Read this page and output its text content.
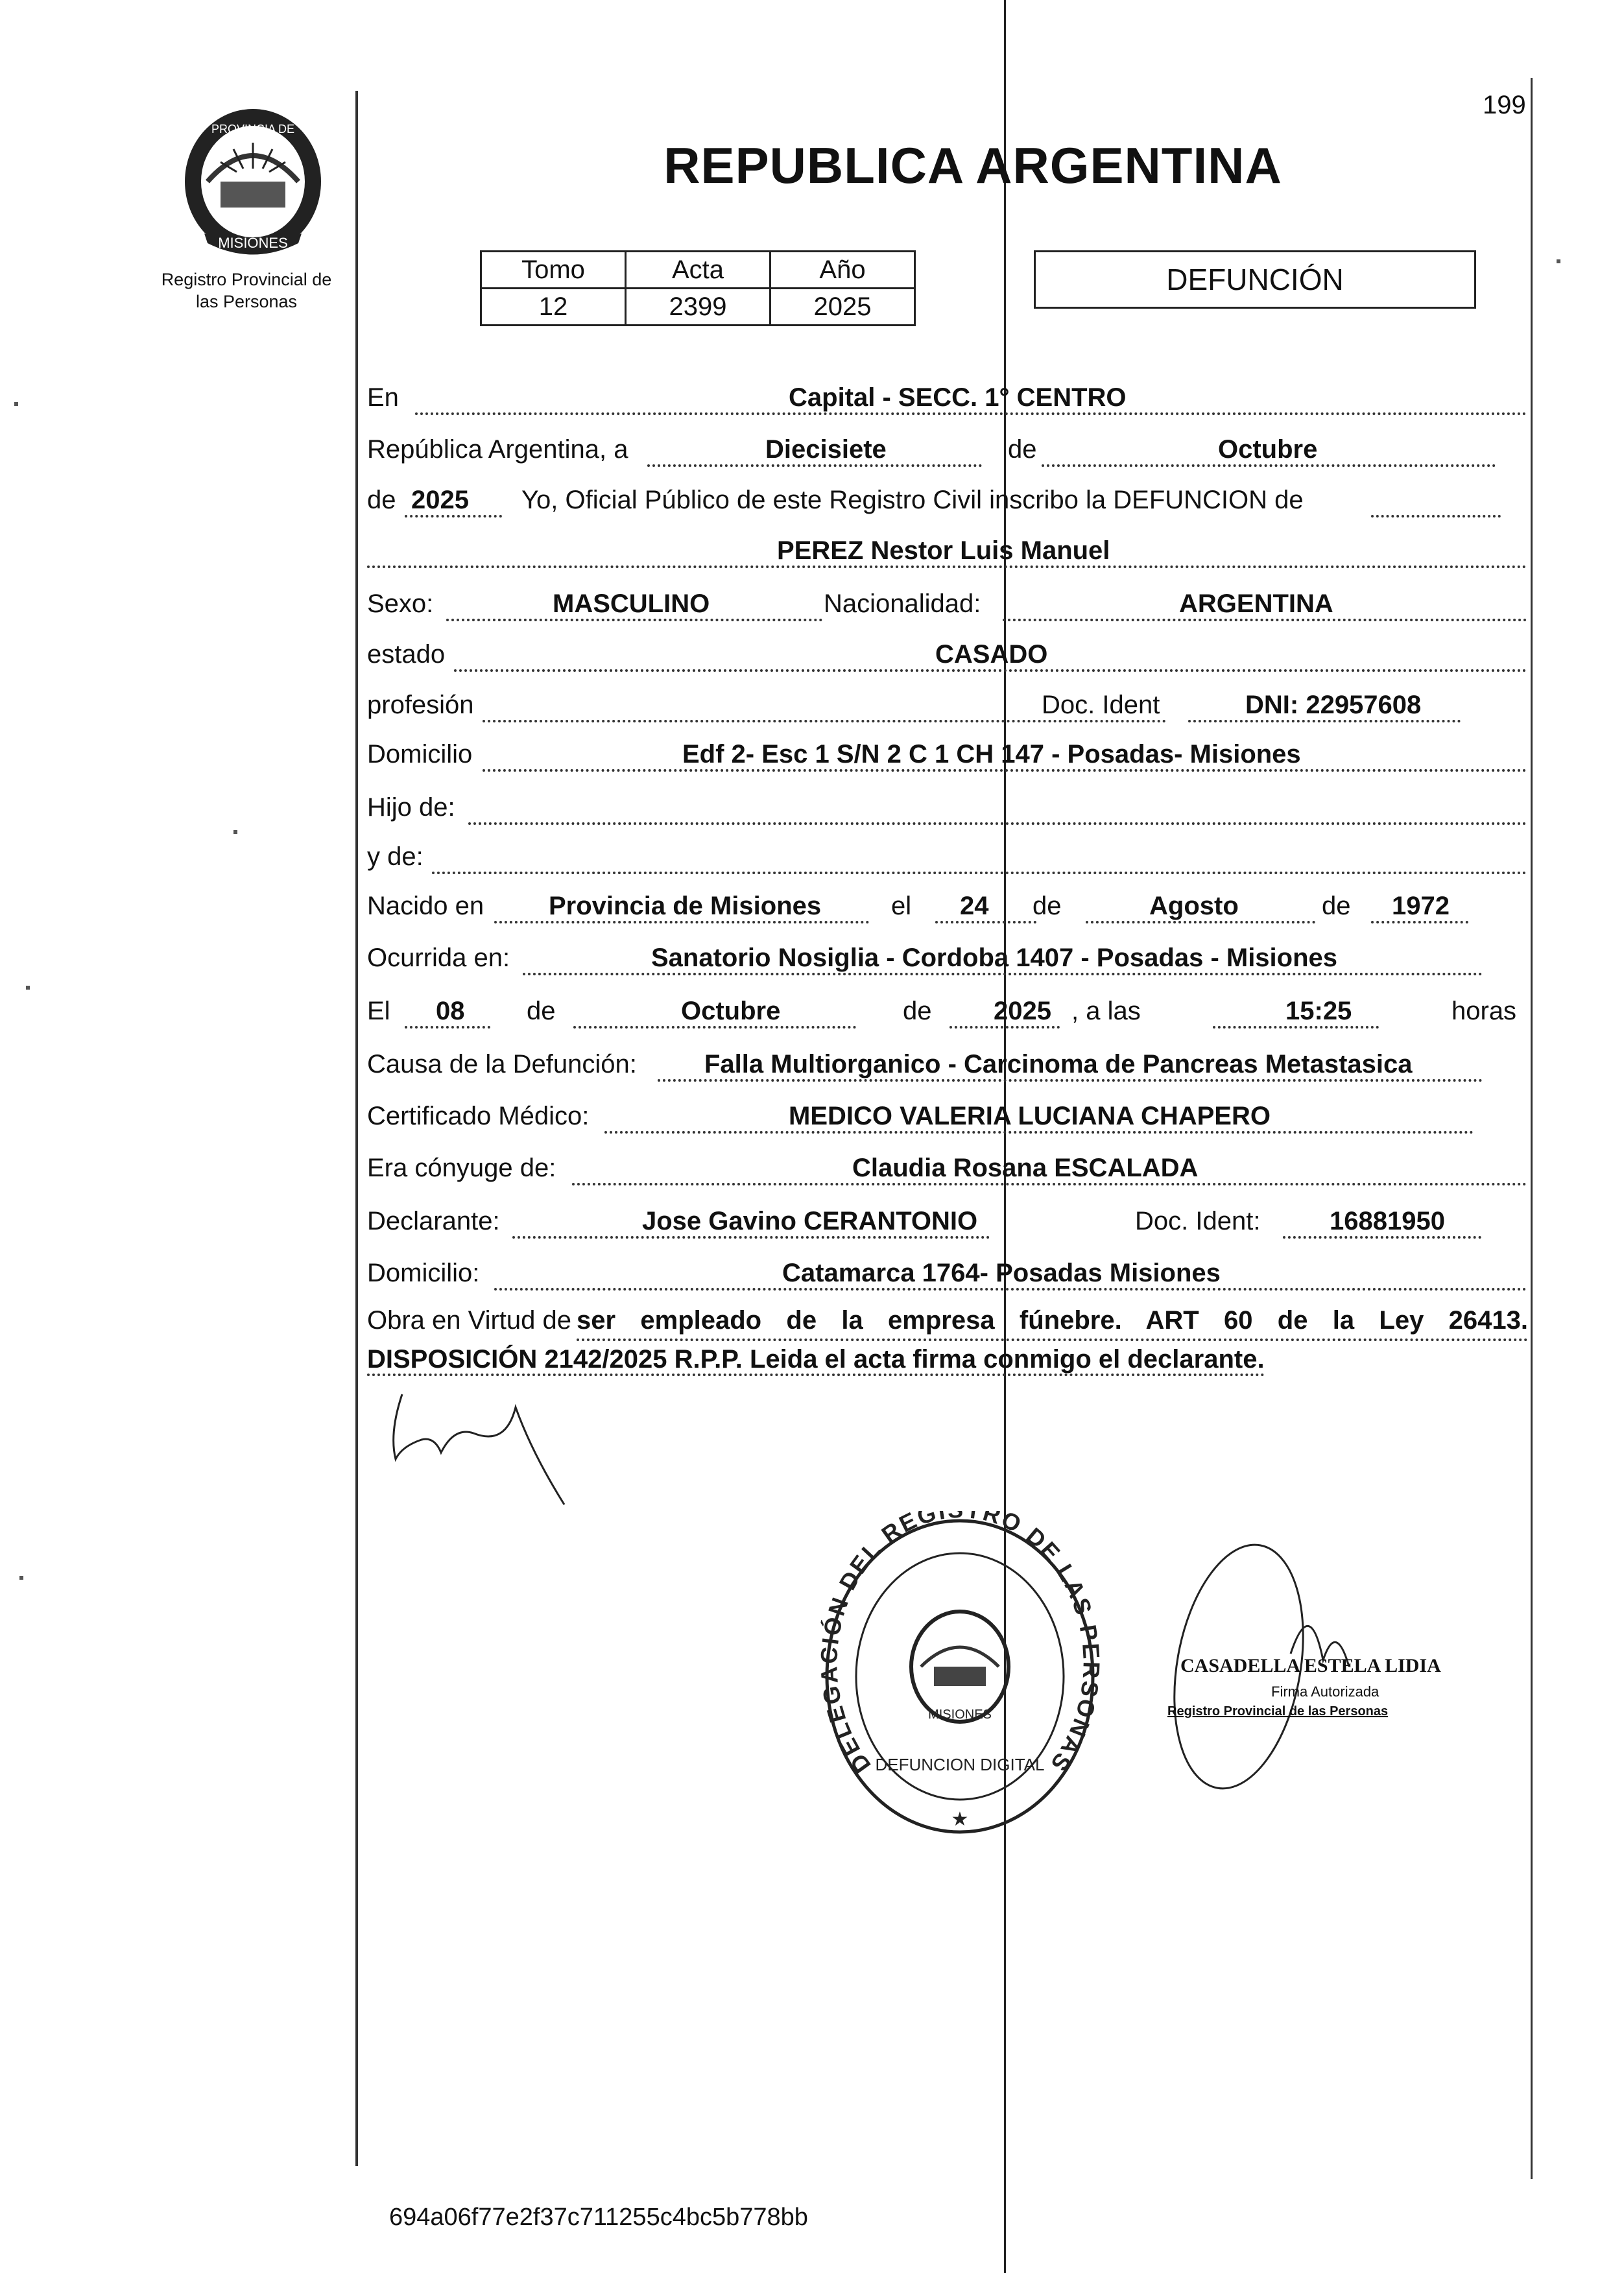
199
MISIONES
PROVINCIA DE
Registro Provincial de
las Personas
REPUBLICA ARGENTINA
Tomo	Acta	Año
12	2399	2025
DEFUNCIÓN
En	Capital - SECC. 1° CENTRO
República Argentina, a	Diecisiete	de	Octubre
de 2025 Yo, Oficial Público de este Registro Civil inscribo la DEFUNCION de
PEREZ Nestor Luis Manuel
Sexo:	MASCULINO	Nacionalidad:	ARGENTINA
estado	CASADO
profesión	Doc. Ident	DNI: 22957608
Domicilio	Edf 2- Esc 1 S/N 2 C 1 CH 147 - Posadas- Misiones
Hijo de:
y de:
Nacido en Provincia de Misiones	el 24 de	Agosto	de 1972
Ocurrida en:	Sanatorio Nosiglia - Cordoba 1407 - Posadas - Misiones
El 08 de	Octubre	de 2025 , a las	15:25	horas
Causa de la Defunción:	Falla Multiorganico - Carcinoma de Pancreas Metastasica
Certificado Médico:	MEDICO VALERIA LUCIANA CHAPERO
Era cónyuge de:	Claudia Rosana ESCALADA
Declarante:	Jose Gavino CERANTONIO	Doc. Ident:	16881950
Domicilio:	Catamarca 1764- Posadas Misiones
Obra en Virtud de ser empleado de la empresa fúnebre. ART 60 de la Ley 26413.
DISPOSICIÓN 2142/2025 R.P.P. Leida el acta firma conmigo el declarante.
DELEGACIÓN DEL REG RO DE LAS PERSONAS
MISIONES
DEFUNCION DIGITAL
★
CASADELLA ESTELA LIDIA
Firma Autorizada
Registro Provincial de las Personas
694a06f77e2f37c711255c4bc5b778bb
